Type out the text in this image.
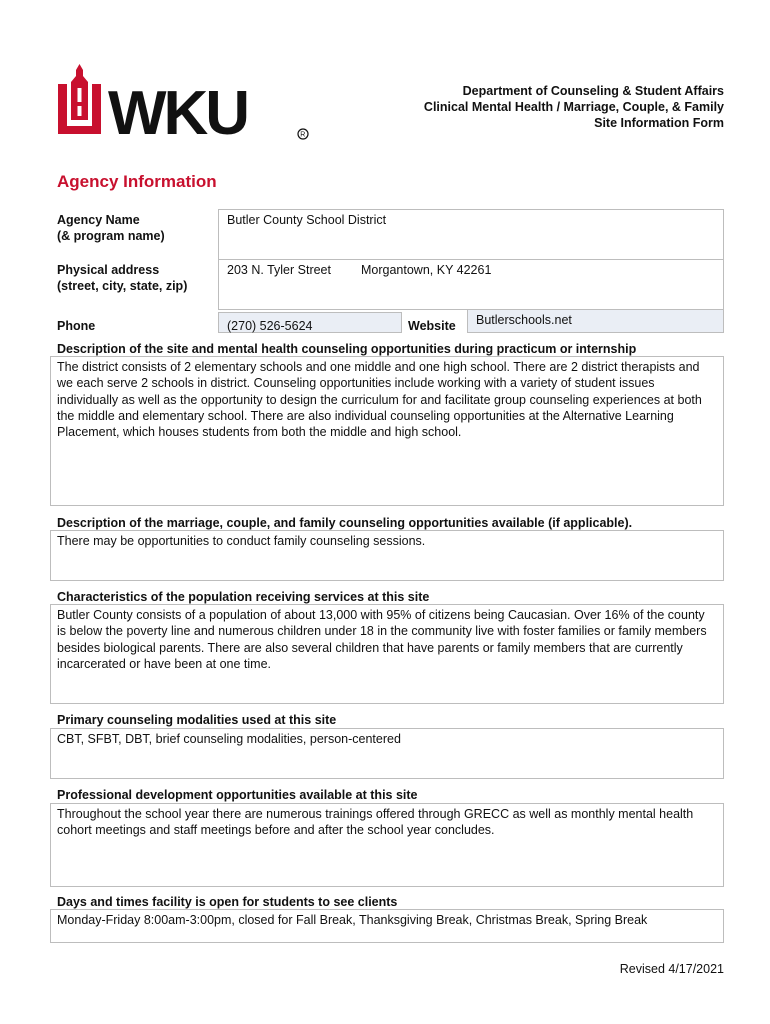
WKU	R
Department of Counseling & Student Affairs
Clinical Mental Health / Marriage, Couple, & Family
Site Information Form
Agency Information
Agency Name
(& program name)
Butler County School District
Physical address
(street, city, state, zip)
203 N. Tyler Street Morgantown, KY 42261
Phone	(270) 526-5624	Website Butlerschools.net
Description of the site and mental health counseling opportunities during practicum or internship
The district consists of 2 elementary schools and one middle and one high school. There are 2 district therapists and we each serve 2 schools in district. Counseling opportunities include working with a variety of student issues individually as well as the opportunity to design the curriculum for and facilitate group counseling experiences at both the middle and elementary school. There are also individual counseling opportunities at the Alternative Learning Placement, which houses students from both the middle and high school.
Description of the marriage, couple, and family counseling opportunities available (if applicable).
There may be opportunities to conduct family counseling sessions.
Characteristics of the population receiving services at this site
Butler County consists of a population of about 13,000 with 95% of citizens being Caucasian. Over 16% of the county is below the poverty line and numerous children under 18 in the community live with foster families or family members besides biological parents. There are also several children that have parents or family members that are currently incarcerated or have been at one time.
Primary counseling modalities used at this site
CBT, SFBT, DBT, brief counseling modalities, person-centered
Professional development opportunities available at this site
Throughout the school year there are numerous trainings offered through GRECC as well as monthly mental health cohort meetings and staff meetings before and after the school year concludes.
Days and times facility is open for students to see clients
Monday-Friday 8:00am-3:00pm, closed for Fall Break, Thanksgiving Break, Christmas Break, Spring Break
Revised 4/17/2021
